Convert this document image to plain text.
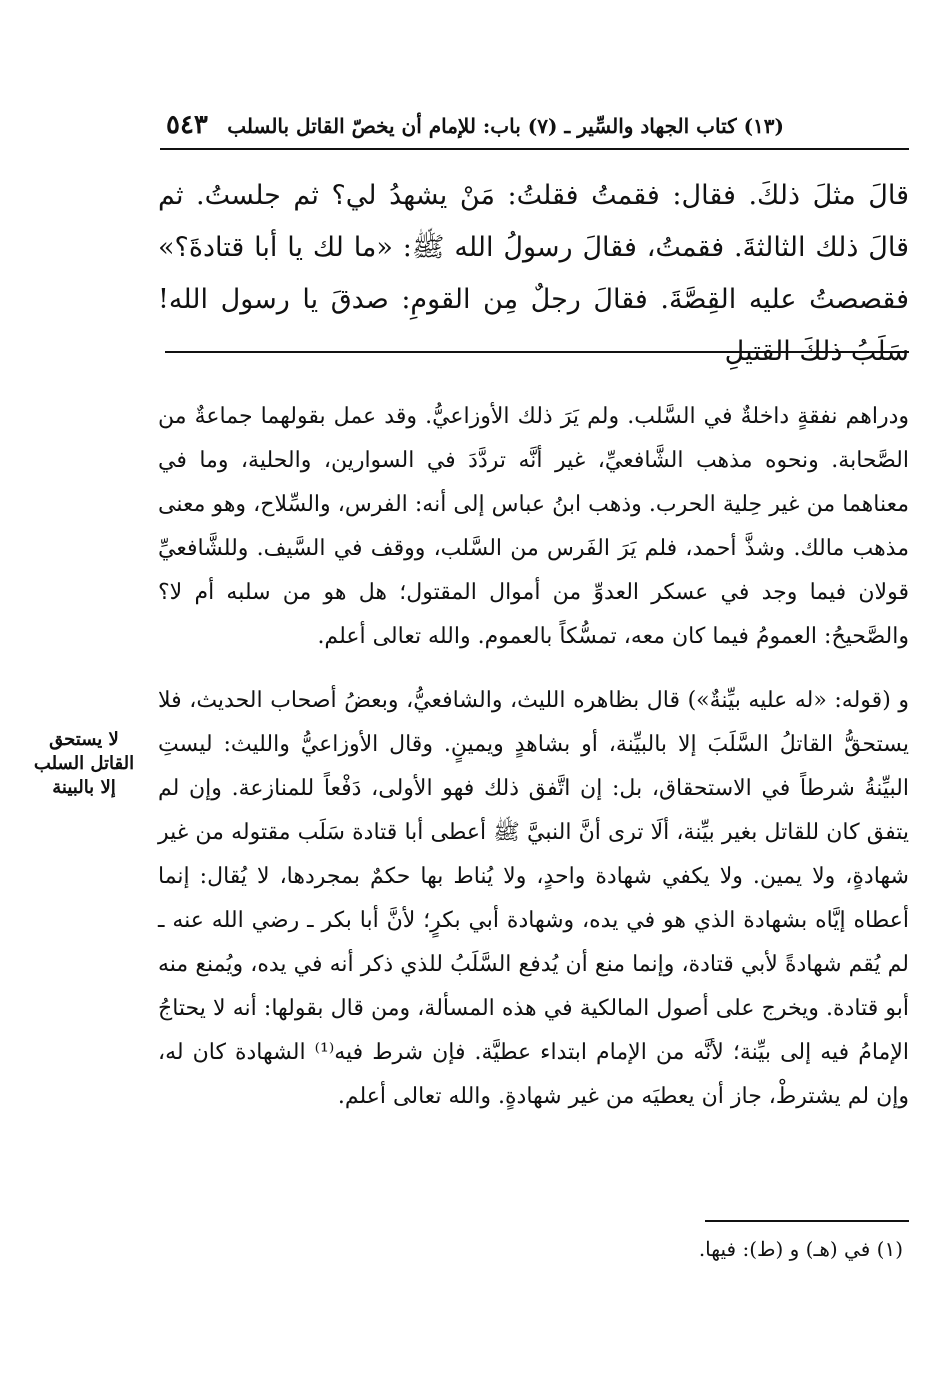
(١٣) كتاب الجهاد والسِّير ـ (٧) باب: للإمام أن يخصّ القاتل بالسلب
٥٤٣
قالَ مثلَ ذلكَ. فقال: فقمتُ فقلتُ: مَنْ يشهدُ لي؟ ثم جلستُ. ثم قالَ ذلك الثالثةَ. فقمتُ، فقالَ رسولُ الله ﷺ: «ما لك يا أبا قتادةَ؟» فقصصتُ عليه القِصَّةَ. فقالَ رجلٌ مِن القومِ: صدقَ يا رسول الله! سَلَبُ ذلكَ القتيلِ

ودراهم نفقةٍ داخلةٌ في السَّلب. ولم يَرَ ذلك الأوزاعيُّ. وقد عمل بقولهما جماعةٌ من الصَّحابة. ونحوه مذهب الشَّافعيِّ، غير أنَّه تردَّدَ في السوارين، والحلية، وما في معناهما من غير حِلية الحرب. وذهب ابنُ عباس إلى أنه: الفرس، والسِّلاح، وهو معنى مذهب مالك. وشذَّ أحمد، فلم يَرَ الفَرس من السَّلب، ووقف في السَّيف. وللشَّافعيِّ قولان فيما وجد في عسكر العدوِّ من أموال المقتول؛ هل هو من سلبه أم لا؟ والصَّحيحُ: العمومُ فيما كان معه، تمسُّكاً بالعموم. والله تعالى أعلم.

و (قوله: «له عليه بيِّنةٌ») قال بظاهره الليث، والشافعيُّ، وبعضُ أصحاب الحديث، فلا يستحقُّ القاتلُ السَّلَبَ إلا بالبيِّنة، أو بشاهدٍ ويمينٍ. وقال الأوزاعيُّ والليث: ليستِ البيِّنةُ شرطاً في الاستحقاق، بل: إن اتَّفق ذلك فهو الأولى، دَفْعاً للمنازعة. وإن لم يتفق كان للقاتل بغير بيِّنة، ألَا ترى أنَّ النبيَّ ﷺ أعطى أبا قتادة سَلَب مقتوله من غير شهادةٍ، ولا يمين. ولا يكفي شهادة واحدٍ، ولا يُناط بها حكمٌ بمجردها، لا يُقال: إنما أعطاه إيَّاه بشهادة الذي هو في يده، وشهادة أبي بكرٍ؛ لأنَّ أبا بكر ـ رضي الله عنه ـ لم يُقم شهادةً لأبي قتادة، وإنما منع أن يُدفع السَّلَبُ للذي ذكر أنه في يده، ويُمنع منه أبو قتادة. ويخرج على أصول المالكية في هذه المسألة، ومن قال بقولها: أنه لا يحتاجُ الإمامُ فيه إلى بيِّنة؛ لأنَّه من الإمام ابتداء عطيَّة. فإن شرط فيه⁽¹⁾ الشهادة كان له، وإن لم يشترطْ، جاز أن يعطيَه من غير شهادةٍ. والله تعالى أعلم.

لا يستحق
القاتل السلب
إلا بالبينة
(١) في (هـ) و (ط): فيها.
